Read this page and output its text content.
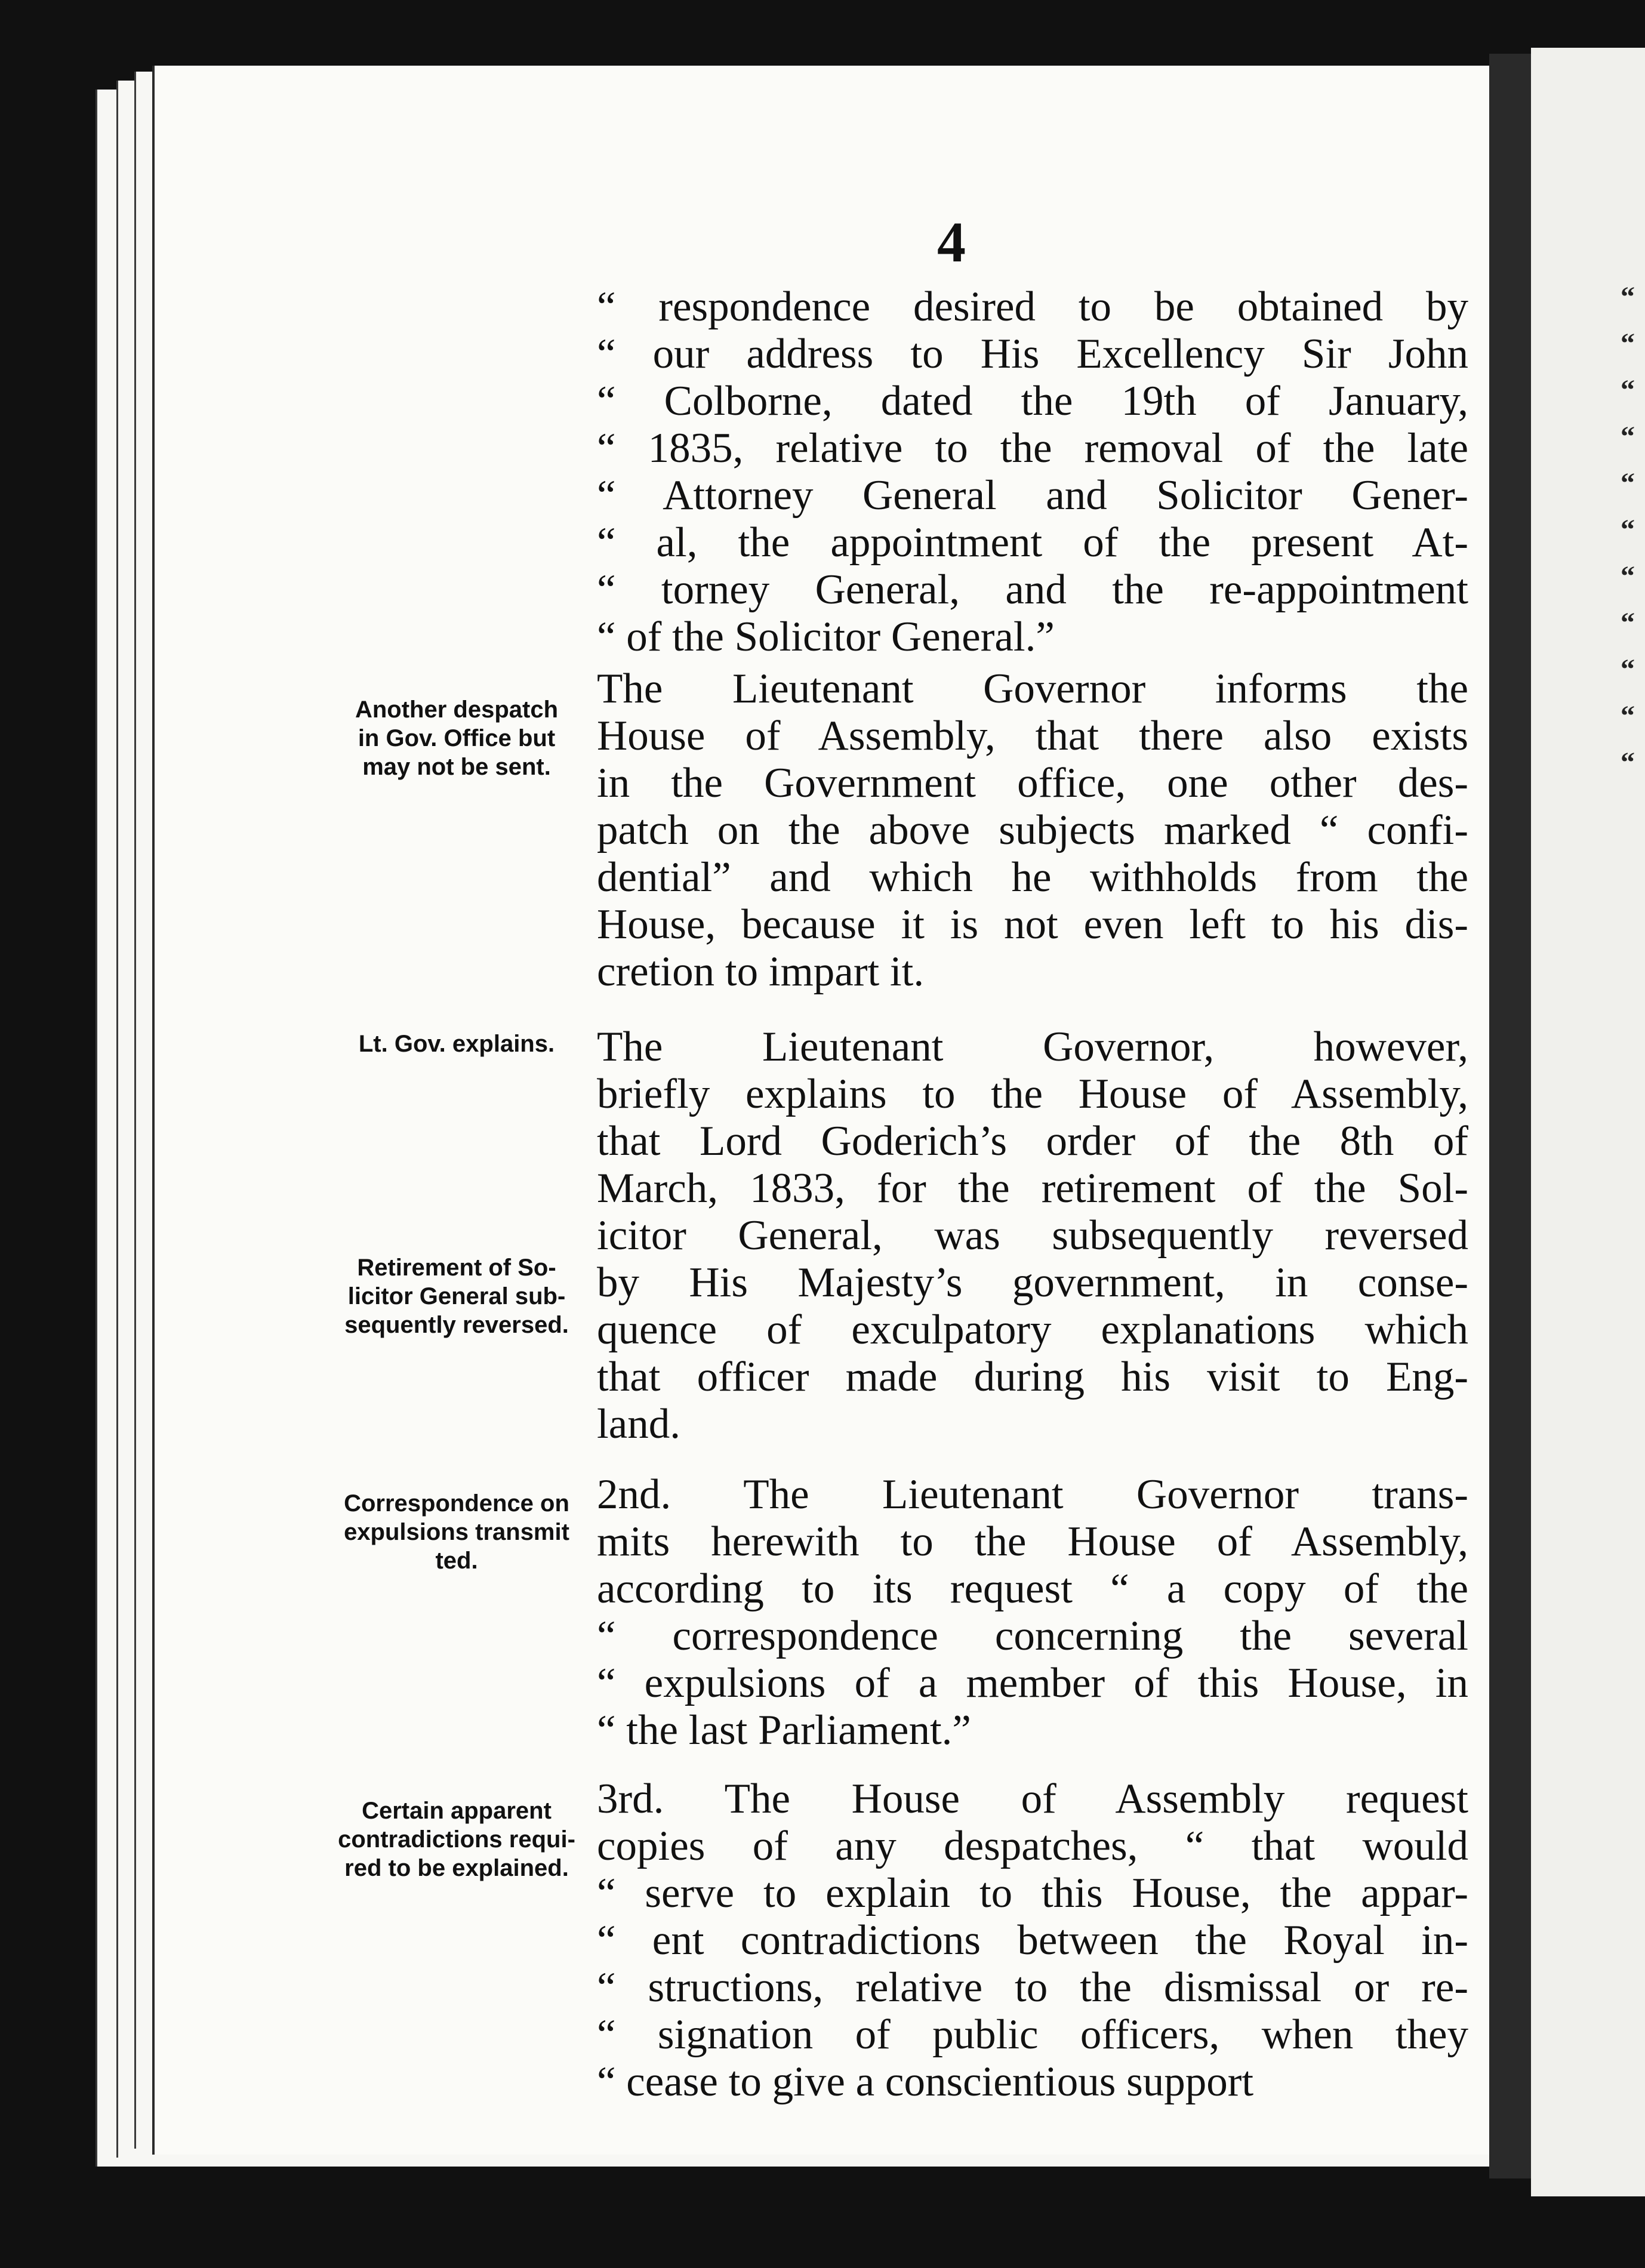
“
“
“
“
“
“
“
“
“
“
“
4
“ respondence desired to be obtained by
“ our address to His Excellency Sir John
“ Colborne, dated the 19th of January,
“ 1835, relative to the removal of the late
“ Attorney General and Solicitor Gener-
“ al, the appointment of the present At-
“ torney General, and the re-appointment
“ of the Solicitor General.”
The Lieutenant Governor informs the
House of Assembly, that there also exists
in the Government office, one other des-
patch on the above subjects marked “ confi-
dential” and which he withholds from the
House, because it is not even left to his dis-
cretion to impart it.
The Lieutenant Governor, however,
briefly explains to the House of Assembly,
that Lord Goderich’s order of the 8th of
March, 1833, for the retirement of the Sol-
icitor General, was subsequently reversed
by His Majesty’s government, in conse-
quence of exculpatory explanations which
that officer made during his visit to Eng-
land.
2nd. The Lieutenant Governor trans-
mits herewith to the House of Assembly,
according to its request “ a copy of the
“ correspondence concerning the several
“ expulsions of a member of this House, in
“ the last Parliament.”
3rd. The House of Assembly request
copies of any despatches, “ that would
“ serve to explain to this House, the appar-
“ ent contradictions between the Royal in-
“ structions, relative to the dismissal or re-
“ signation of public officers, when they
“ cease to give a conscientious support
Another despatch
in Gov. Office but
may not be sent.
Lt. Gov. explains.
Retirement of So-
licitor General sub-
sequently reversed.
Correspondence on
expulsions transmit
ted.
Certain apparent
contradictions requi-
red to be explained.
